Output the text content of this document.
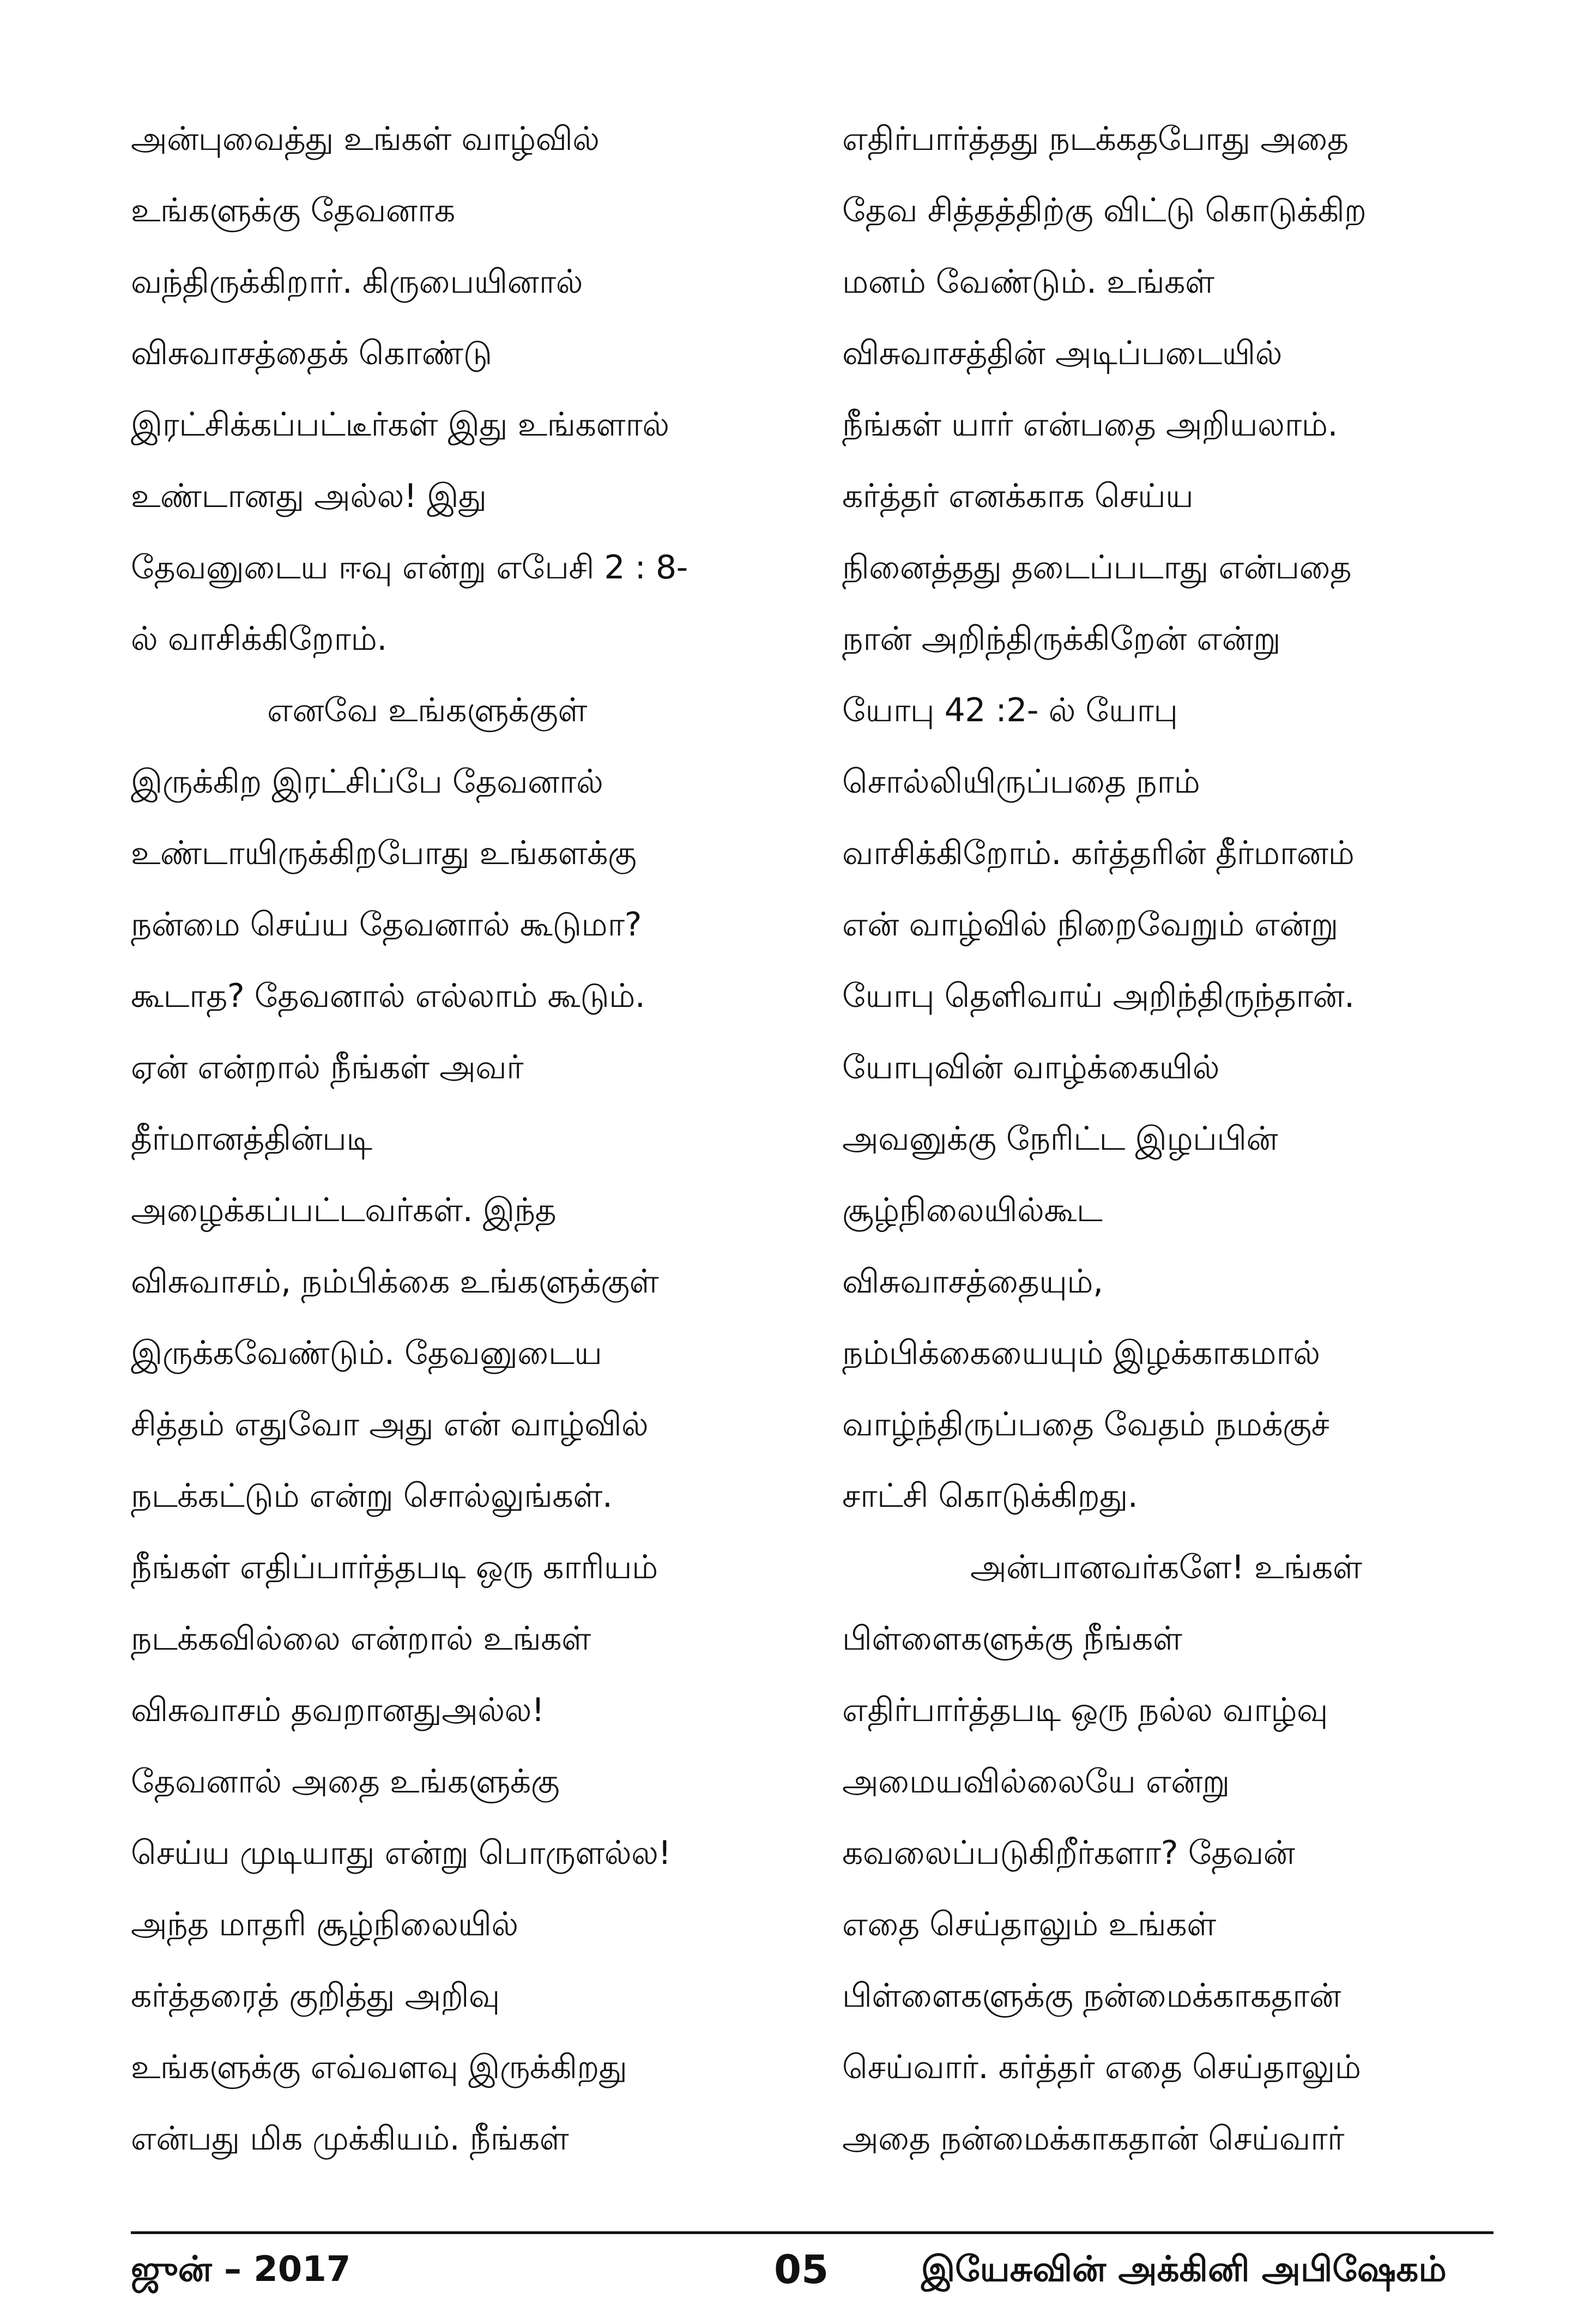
அன்புவைத்து உங்கள் வாழ்வில்
உங்களுக்கு தேவனாக
வந்திருக்கிறார். கிருபையினால்
விசுவாசத்தைக் கொண்டு
இரட்சிக்கப்பட்டீர்கள் இது உங்களால்
உண்டானது அல்ல! இது
தேவனுடைய ஈவு என்று எபேசி 2 : 8-
ல் வாசிக்கிறோம்.
எனவே உங்களுக்குள்
இருக்கிற இரட்சிப்பே தேவனால்
உண்டாயிருக்கிறபோது உங்களக்கு
நன்மை செய்ய தேவனால் கூடுமா?
கூடாத? தேவனால் எல்லாம் கூடும்.
ஏன் என்றால் நீங்கள் அவர்
தீர்மானத்தின்படி
அழைக்கப்பட்டவர்கள். இந்த
விசுவாசம், நம்பிக்கை உங்களுக்குள்
இருக்கவேண்டும். தேவனுடைய
சித்தம் எதுவோ அது என் வாழ்வில்
நடக்கட்டும் என்று சொல்லுங்கள்.
நீங்கள் எதிப்பார்த்தபடி ஒரு காரியம்
நடக்கவில்லை என்றால் உங்கள்
விசுவாசம் தவறானதுஅல்ல!
தேவனால் அதை உங்களுக்கு
செய்ய முடியாது என்று பொருளல்ல!
அந்த மாதரி சூழ்நிலையில்
கர்த்தரைத் குறித்து அறிவு
உங்களுக்கு எவ்வளவு இருக்கிறது
என்பது மிக முக்கியம். நீங்கள்
எதிர்பார்த்தது நடக்கதபோது அதை
தேவ சித்தத்திற்கு விட்டு கொடுக்கிற
மனம் வேண்டும். உங்கள்
விசுவாசத்தின் அடிப்படையில்
நீங்கள் யார் என்பதை அறியலாம்.
கர்த்தர் எனக்காக செய்ய
நினைத்தது தடைப்படாது என்பதை
நான் அறிந்திருக்கிறேன் என்று
யோபு 42 :2- ல் யோபு
சொல்லியிருப்பதை நாம்
வாசிக்கிறோம். கர்த்தரின் தீர்மானம்
என் வாழ்வில் நிறைவேறும் என்று
யோபு தெளிவாய் அறிந்திருந்தான்.
யோபுவின் வாழ்க்கையில்
அவனுக்கு நேரிட்ட இழப்பின்
சூழ்நிலையில்கூட
விசுவாசத்தையும்,
நம்பிக்கையையும் இழக்காகமால்
வாழ்ந்திருப்பதை வேதம் நமக்குச்
சாட்சி கொடுக்கிறது.
அன்பானவர்களே! உங்கள்
பிள்ளைகளுக்கு நீங்கள்
எதிர்பார்த்தபடி ஒரு நல்ல வாழ்வு
அமையவில்லையே என்று
கவலைப்படுகிறீர்களா? தேவன்
எதை செய்தாலும் உங்கள்
பிள்ளைகளுக்கு நன்மைக்காகதான்
செய்வார். கர்த்தர் எதை செய்தாலும்
அதை நன்மைக்காகதான் செய்வார்
ஜுன் – 2017	05	இயேசுவின் அக்கினி அபிஷேகம்
